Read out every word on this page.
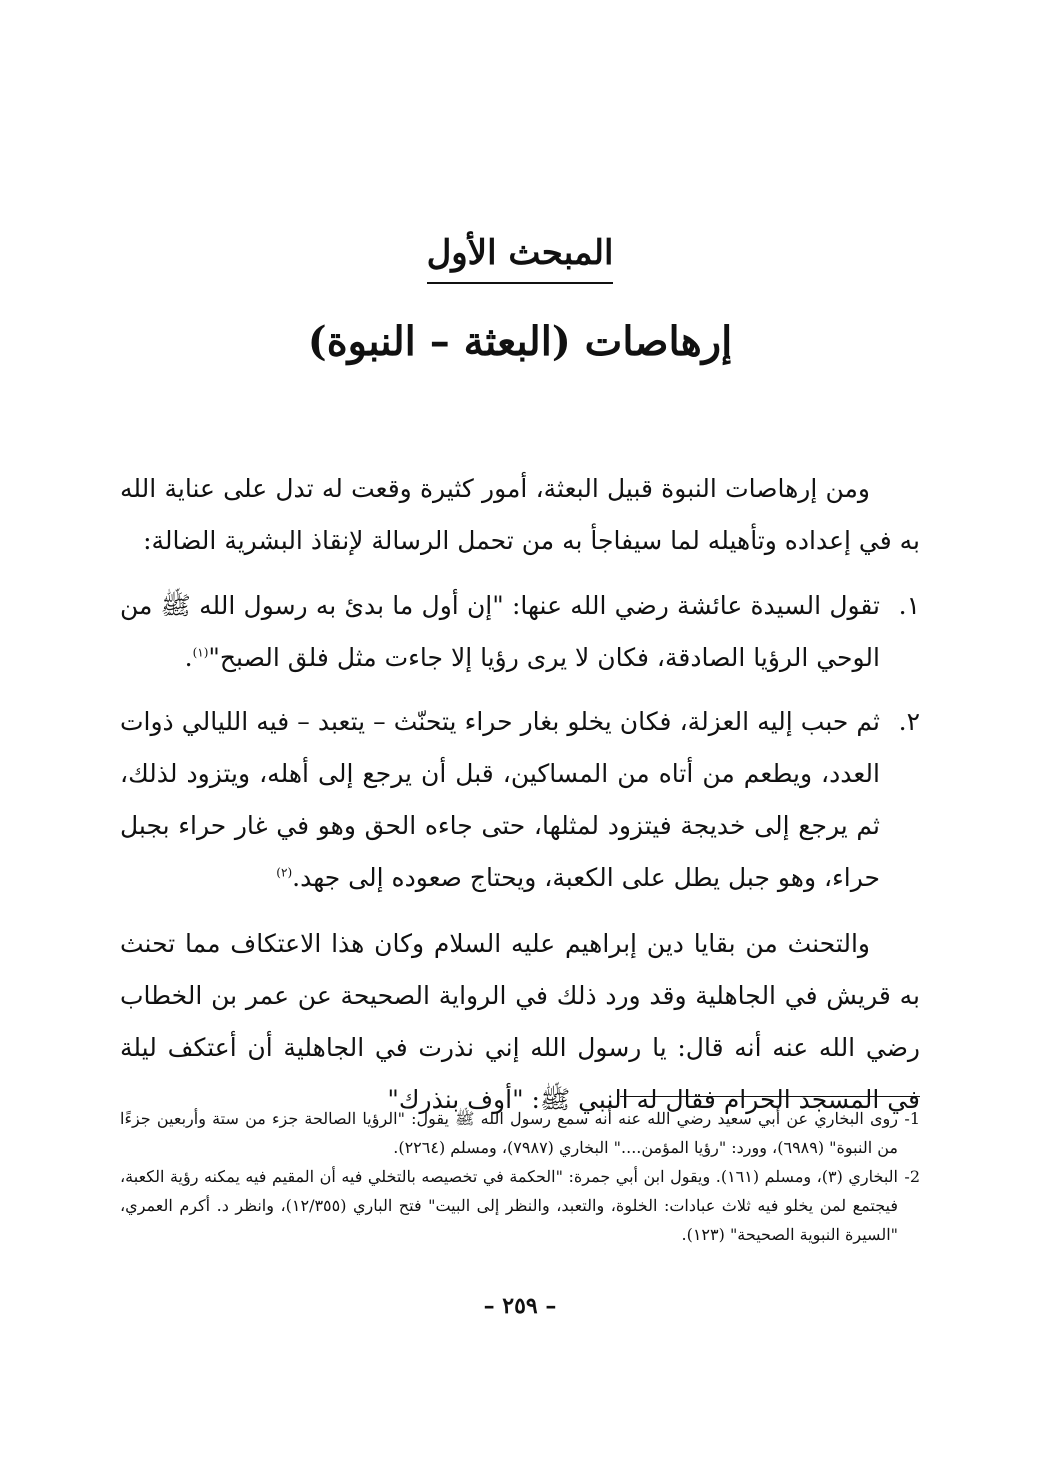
المبحث الأول
إرهاصات (البعثة – النبوة)

ومن إرهاصات النبوة قبيل البعثة، أمور كثيرة وقعت له تدل على عناية الله به في إعداده وتأهيله لما سيفاجأ به من تحمل الرسالة لإنقاذ البشرية الضالة:

١.
تقول السيدة عائشة رضي الله عنها: "إن أول ما بدئ به رسول الله ﷺ من الوحي الرؤيا الصادقة، فكان لا يرى رؤيا إلا جاءت مثل فلق الصبح"$^{(١)}$.
٢.
ثم حبب إليه العزلة، فكان يخلو بغار حراء يتحنّث – يتعبد – فيه الليالي ذوات العدد، ويطعم من أتاه من المساكين، قبل أن يرجع إلى أهله، ويتزود لذلك، ثم يرجع إلى خديجة فيتزود لمثلها، حتى جاءه الحق وهو في غار حراء بجبل حراء، وهو جبل يطل على الكعبة، ويحتاج صعوده إلى جهد.$^{(٢)}$

والتحنث من بقايا دين إبراهيم عليه السلام وكان هذا الاعتكاف مما تحنث به قريش في الجاهلية وقد ورد ذلك في الرواية الصحيحة عن عمر بن الخطاب رضي الله عنه أنه قال: يا رسول الله إني نذرت في الجاهلية أن أعتكف ليلة في المسجد الحرام فقال له النبي ﷺ: "أوف بنذرك"

1-
روى البخاري عن أبي سعيد رضي الله عنه أنه سمع رسول الله ﷺ يقول: "الرؤيا الصالحة جزء من ستة وأربعين جزءًا من النبوة" (٦٩٨٩)، وورد: "رؤيا المؤمن...." البخاري (٧٩٨٧)، ومسلم (٢٢٦٤).
2-
البخاري (٣)، ومسلم (١٦١). ويقول ابن أبي جمرة: "الحكمة في تخصيصه بالتخلي فيه أن المقيم فيه يمكنه رؤية الكعبة، فيجتمع لمن يخلو فيه ثلاث عبادات: الخلوة، والتعبد، والنظر إلى البيت" فتح الباري (١٢/٣٥٥)، وانظر د. أكرم العمري، "السيرة النبوية الصحيحة" (١٢٣).
– ٢٥٩ –
